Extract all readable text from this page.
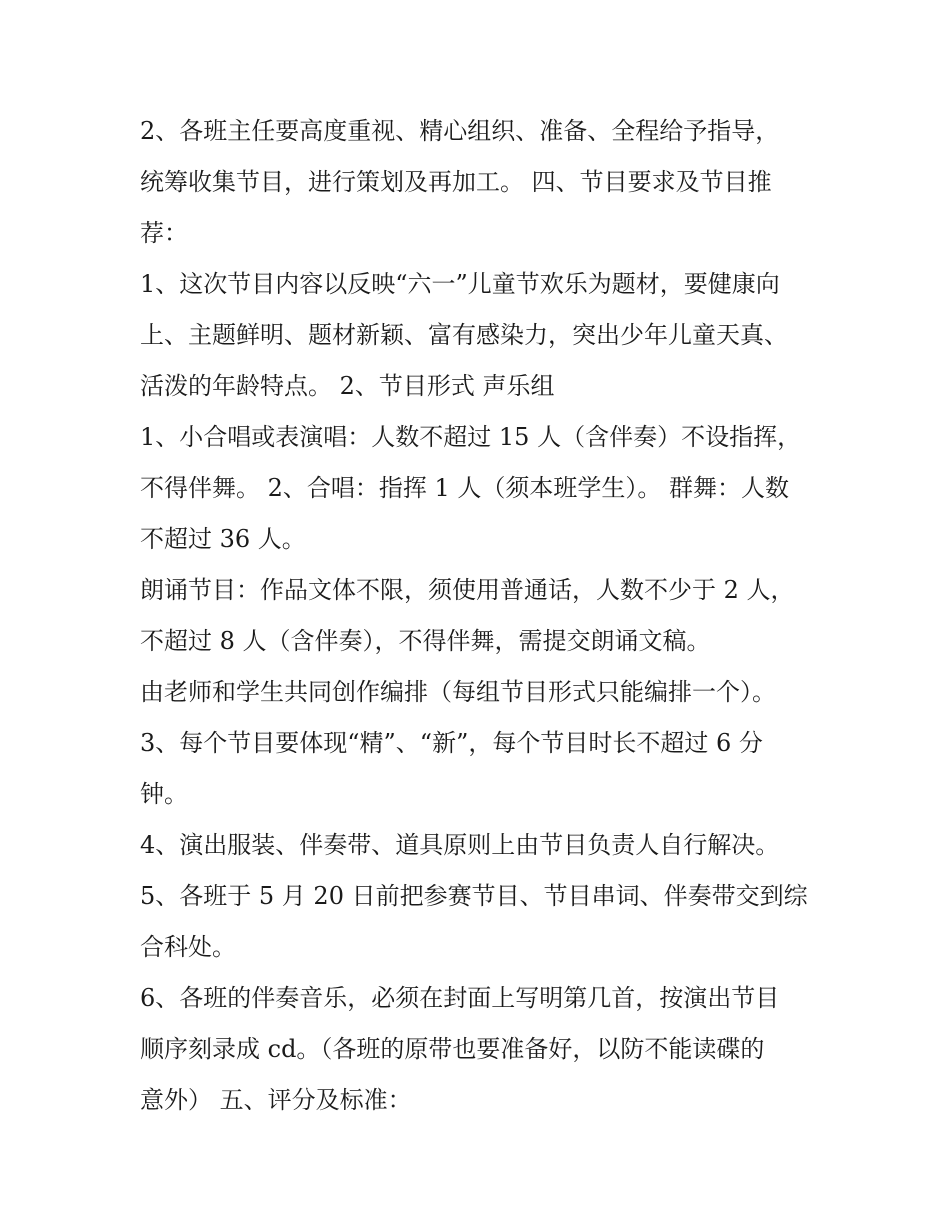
2、各班主任要高度重视、精心组织、准备、全程给予指导，
统筹收集节目，进行策划及再加工。 四、节目要求及节目推
荐：
1、这次节目内容以反映“六一”儿童节欢乐为题材，要健康向
上、主题鲜明、题材新颖、富有感染力，突出少年儿童天真、
活泼的年龄特点。 2、节目形式 声乐组
1、小合唱或表演唱：人数不超过 15 人（含伴奏）不设指挥，
不得伴舞。 2、合唱：指挥 1 人（须本班学生）。 群舞：人数
不超过 36 人。
朗诵节目：作品文体不限，须使用普通话，人数不少于 2 人，
不超过 8 人（含伴奏），不得伴舞，需提交朗诵文稿。
由老师和学生共同创作编排（每组节目形式只能编排一个）。
3、每个节目要体现“精”、“新”，每个节目时长不超过 6 分
钟。
4、演出服装、伴奏带、道具原则上由节目负责人自行解决。
5、各班于 5 月 20 日前把参赛节目、节目串词、伴奏带交到综
合科处。
6、各班的伴奏音乐，必须在封面上写明第几首，按演出节目
顺序刻录成 cd。（各班的原带也要准备好，以防不能读碟的
意外） 五、评分及标准：
